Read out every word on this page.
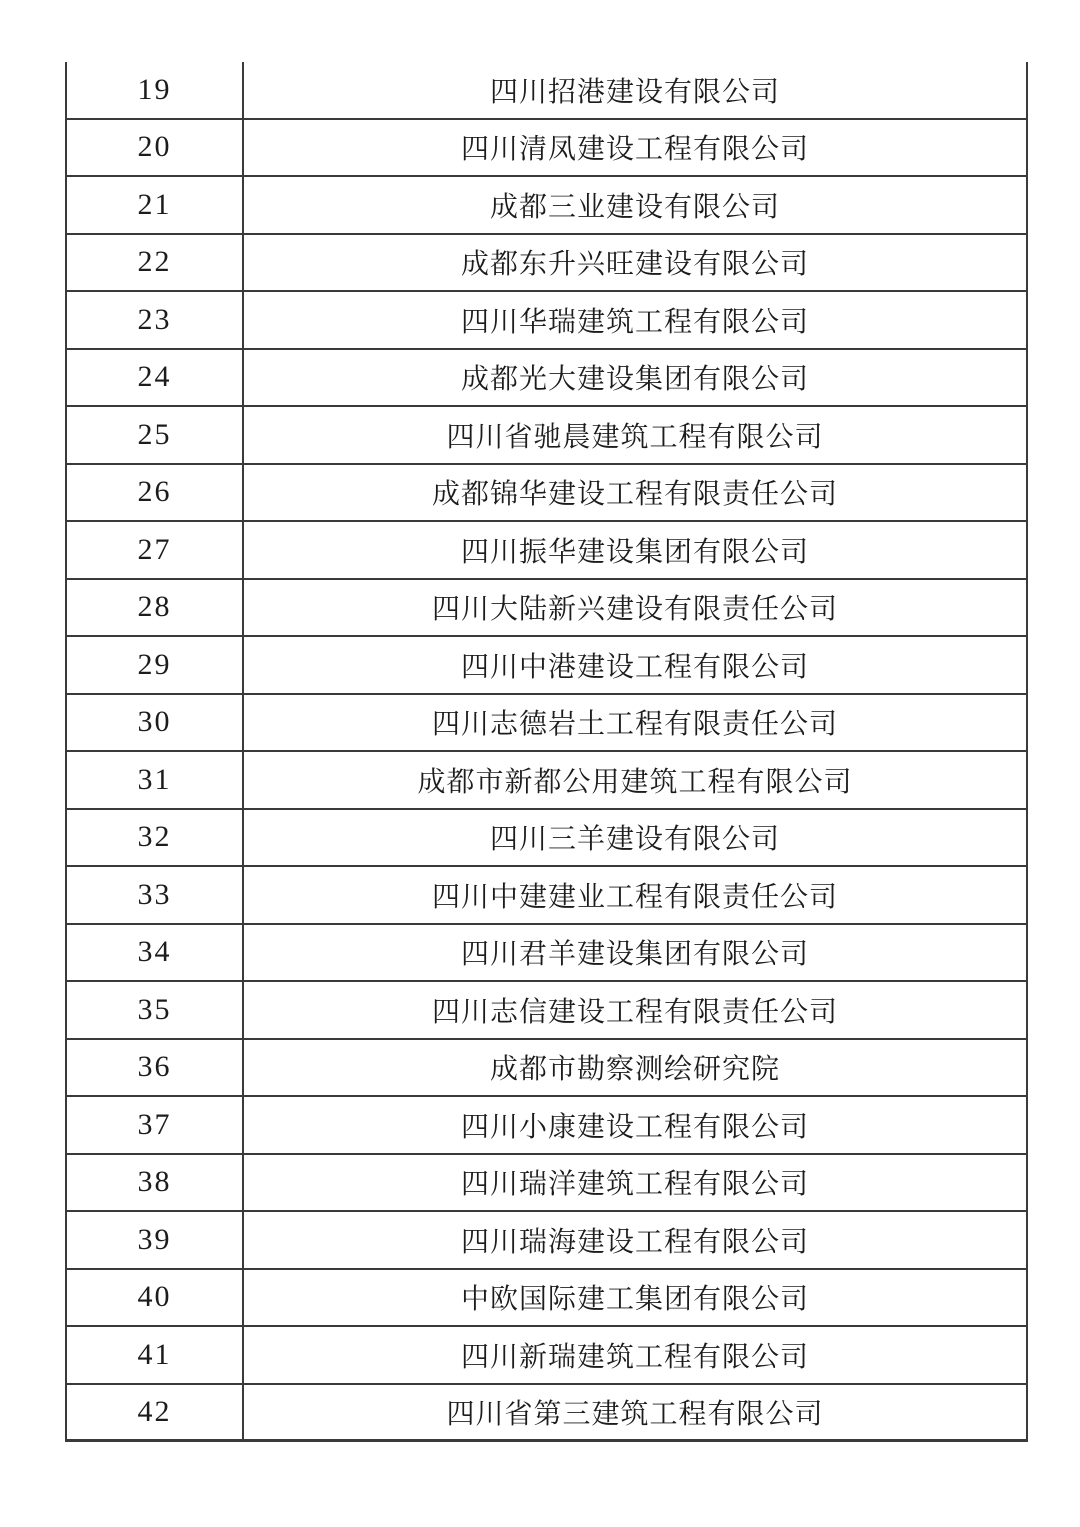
19	四川招港建设有限公司
20	四川清凤建设工程有限公司
21	成都三业建设有限公司
22	成都东升兴旺建设有限公司
23	四川华瑞建筑工程有限公司
24	成都光大建设集团有限公司
25	四川省驰晨建筑工程有限公司
26	成都锦华建设工程有限责任公司
27	四川振华建设集团有限公司
28	四川大陆新兴建设有限责任公司
29	四川中港建设工程有限公司
30	四川志德岩土工程有限责任公司
31	成都市新都公用建筑工程有限公司
32	四川三羊建设有限公司
33	四川中建建业工程有限责任公司
34	四川君羊建设集团有限公司
35	四川志信建设工程有限责任公司
36	成都市勘察测绘研究院
37	四川小康建设工程有限公司
38	四川瑞洋建筑工程有限公司
39	四川瑞海建设工程有限公司
40	中欧国际建工集团有限公司
41	四川新瑞建筑工程有限公司
42	四川省第三建筑工程有限公司
